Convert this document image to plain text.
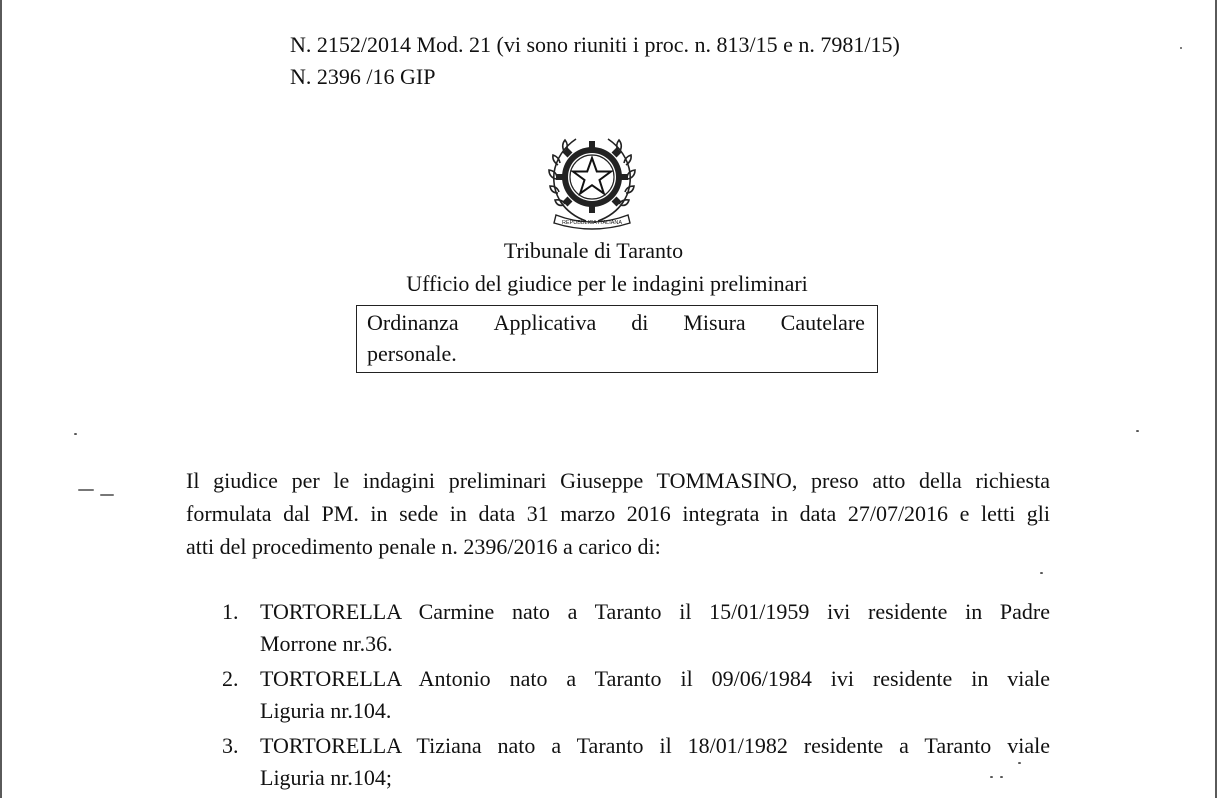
N. 2152/2014 Mod. 21 (vi sono riuniti i proc. n. 813/15 e n. 7981/15)
N. 2396 /16 GIP
REPUBBLICA ITALIANA
Tribunale di Taranto
Ufficio del giudice per le indagini preliminari
Ordinanza Applicativa di Misura Cautelare
personale.
Il giudice per le indagini preliminari Giuseppe TOMMASINO, preso atto della richiesta
formulata dal PM. in sede in data 31 marzo 2016 integrata in data 27/07/2016 e letti gli
atti del procedimento penale n. 2396/2016 a carico di:
1. TORTORELLA Carmine nato a Taranto il 15/01/1959 ivi residente in Padre
Morrone nr.36.
2. TORTORELLA Antonio nato a Taranto il 09/06/1984 ivi residente in viale
Liguria nr.104.
3. TORTORELLA Tiziana nato a Taranto il 18/01/1982 residente a Taranto viale
Liguria nr.104;
